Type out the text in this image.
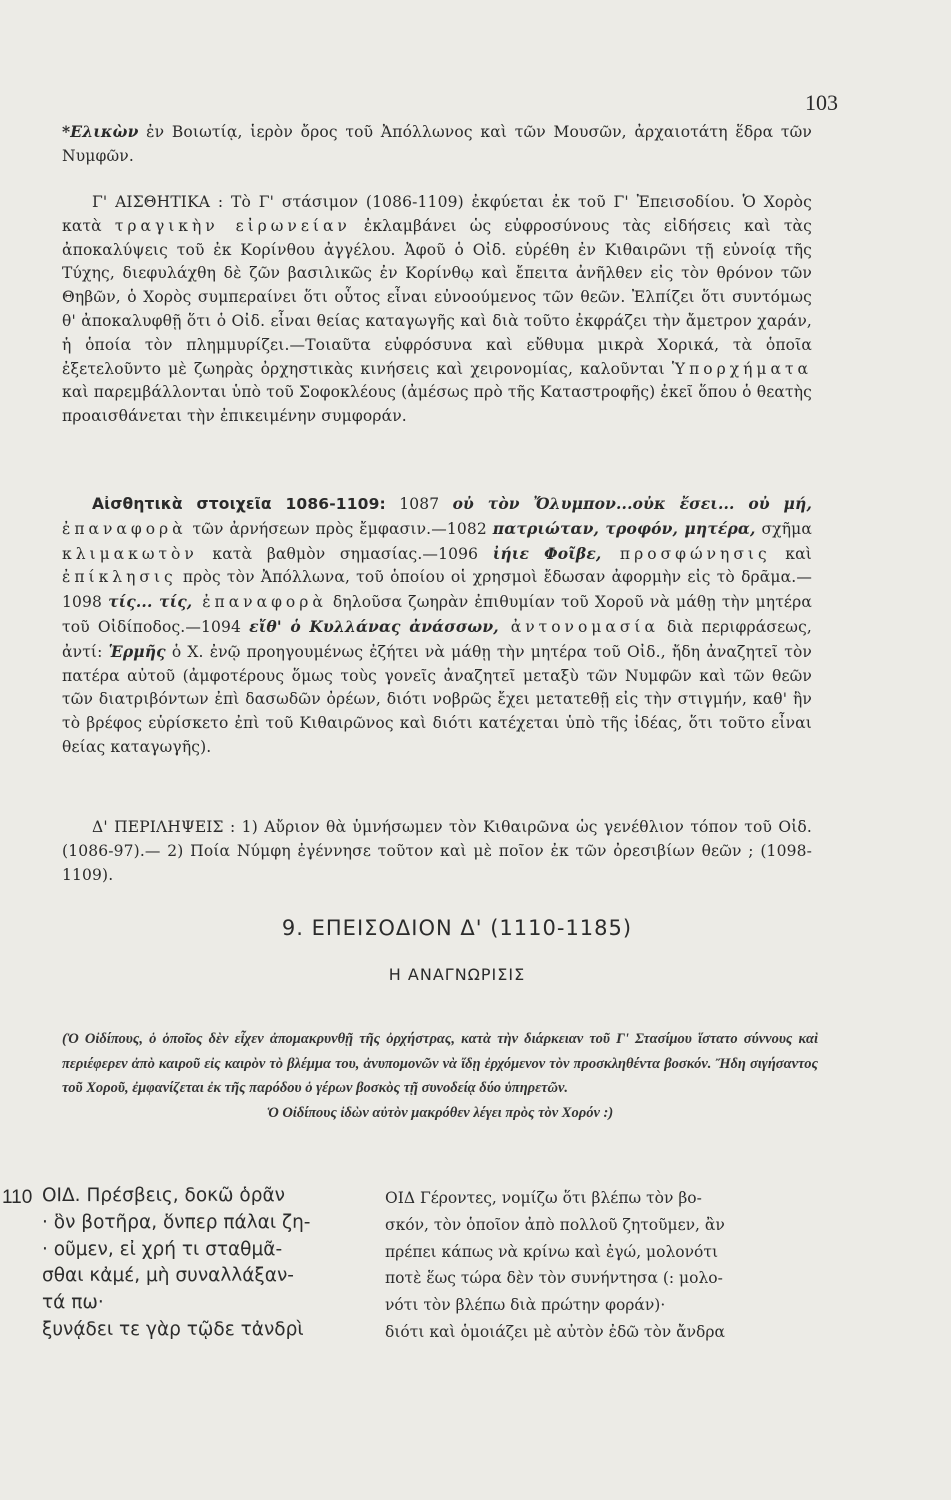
103
*Ελικὼν ἐν Βοιωτίᾳ, ἱερὸν ὄρος τοῦ Ἀπόλλωνος καὶ τῶν Μουσῶν, ἀρχαιοτάτη ἕδρα τῶν Νυμφῶν.
Γ' ΑΙΣΘΗΤΙΚΑ : Τὸ Γ' στάσιμον (1086-1109) ἐκφύεται ἐκ τοῦ Γ' Ἐπεισοδίου. Ὁ Χορὸς κατὰ τραγικὴν εἰρωνείαν ἐκλαμβάνει ὡς εὐφροσύνους τὰς εἰδήσεις καὶ τὰς ἀποκαλύψεις τοῦ ἐκ Κορίνθου ἀγγέλου. Ἀφοῦ ὁ Οἰδ. εὑρέθη ἐν Κιθαιρῶνι τῇ εὐνοίᾳ τῆς Τύχης, διεφυλάχθη δὲ ζῶν βασιλικῶς ἐν Κορίνθῳ καὶ ἔπειτα ἀνῆλθεν εἰς τὸν θρόνον τῶν Θηβῶν, ὁ Χορὸς συμπεραίνει ὅτι οὗτος εἶναι εὐνοούμενος τῶν θεῶν. Ἐλπίζει ὅτι συντόμως θ' ἀποκαλυφθῇ ὅτι ὁ Οἰδ. εἶναι θείας καταγωγῆς καὶ διὰ τοῦτο ἐκφράζει τὴν ἄμετρον χαράν, ἡ ὁποία τὸν πλημμυρίζει.—Τοιαῦτα εὐφρόσυνα καὶ εὔθυμα μικρὰ Χορικά, τὰ ὁποῖα ἐξετελοῦντο μὲ ζωηρὰς ὀρχηστικὰς κινήσεις καὶ χειρονομίας, καλοῦνται Ὑπορχήματα καὶ παρεμβάλλονται ὑπὸ τοῦ Σοφοκλέους (ἀμέσως πρὸ τῆς Καταστροφῆς) ἐκεῖ ὅπου ὁ θεατὴς προαισθάνεται τὴν ἐπικειμένην συμφοράν.
Αἰσθητικὰ στοιχεῖα 1086-1109: 1087 οὐ τὸν Ὄλυμπον...οὐκ ἔσει... οὐ μή, ἐπαναφορὰ τῶν ἀρνήσεων πρὸς ἔμφασιν.—1082 πατριώταν, τροφόν, μητέρα, σχῆμα κλιμακωτὸν κατὰ βαθμὸν σημασίας.—1096 ἰήιε Φοῖβε, προσφώνησις καὶ ἐπίκλησις πρὸς τὸν Ἀπόλλωνα, τοῦ ὁποίου οἱ χρησμοὶ ἔδωσαν ἀφορμὴν εἰς τὸ δρᾶμα.—1098 τίς... τίς, ἐπαναφορὰ δηλοῦσα ζωηρὰν ἐπιθυμίαν τοῦ Χοροῦ νὰ μάθῃ τὴν μητέρα τοῦ Οἰδίποδος.—1094 εἴθ' ὁ Κυλλάνας ἀνάσσων, ἀντονομασία διὰ περιφράσεως, ἀντί: Ἑρμῆς ὁ Χ. ἐνῷ προηγουμένως ἐζήτει νὰ μάθῃ τὴν μητέρα τοῦ Οἰδ., ἤδη ἀναζητεῖ τὸν πατέρα αὐτοῦ (ἀμφοτέρους ὅμως τοὺς γονεῖς ἀναζητεῖ μεταξὺ τῶν Νυμφῶν καὶ τῶν θεῶν τῶν διατριβόντων ἐπὶ δασωδῶν ὀρέων, διότι νοβρῶς ἔχει μετατεθῇ εἰς τὴν στιγμήν, καθ' ἣν τὸ βρέφος εὑρίσκετο ἐπὶ τοῦ Κιθαιρῶνος καὶ διότι κατέχεται ὑπὸ τῆς ἰδέας, ὅτι τοῦτο εἶναι θείας καταγωγῆς).
Δ' ΠΕΡΙΛΗΨΕΙΣ : 1) Αὔριον θὰ ὑμνήσωμεν τὸν Κιθαιρῶνα ὡς γενέθλιον τόπον τοῦ Οἰδ. (1086-97).— 2) Ποία Νύμφη ἐγέννησε τοῦτον καὶ μὲ ποῖον ἐκ τῶν ὀρεσιβίων θεῶν ; (1098-1109).
9. ΕΠΕΙΣΟΔΙΟΝ Δ' (1110-1185)
Η ΑΝΑΓΝΩΡΙΣΙΣ
(Ὁ Οἰδίπους, ὁ ὁποῖος δὲν εἶχεν ἀπομακρυνθῇ τῆς ὀρχήστρας, κατὰ τὴν διάρκειαν τοῦ Γ' Στασίμου ἵστατο σύννους καὶ περιέφερεν ἀπὸ καιροῦ εἰς καιρὸν τὸ βλέμμα του, ἀνυπομονῶν νὰ ἴδῃ ἐρχόμενον τὸν προσκληθέντα βοσκόν. Ἤδη σιγήσαντος τοῦ Χοροῦ, ἐμφανίζεται ἐκ τῆς παρόδου ὁ γέρων βοσκὸς τῇ συνοδείᾳ δύο ὑπηρετῶν.
Ὁ Οἰδίπους ἰδὼν αὐτὸν μακρόθεν λέγει πρὸς τὸν Χορόν :)
110 ΟΙΔ. Πρέσβεις, δοκῶ ὁρᾶν
· ὃν βοτῆρα, ὅνπερ πάλαι ζη-
· οῦμεν, εἰ χρή τι σταθμᾶ-
σθαι κἀμέ, μὴ συναλλάξαν-
τά πω·
ξυνᾴδει τε γὰρ τῷδε τἀνδρὶ
ΟΙΔ Γέροντες, νομίζω ὅτι βλέπω τὸν βο-
σκόν, τὸν ὁποῖον ἀπὸ πολλοῦ ζητοῦμεν, ἂν
πρέπει κάπως νὰ κρίνω καὶ ἐγώ, μολονότι
ποτὲ ἕως τώρα δὲν τὸν συνήντησα (: μολο-
νότι τὸν βλέπω διὰ πρώτην φοράν)·
διότι καὶ ὁμοιάζει μὲ αὐτὸν ἐδῶ τὸν ἄνδρα
